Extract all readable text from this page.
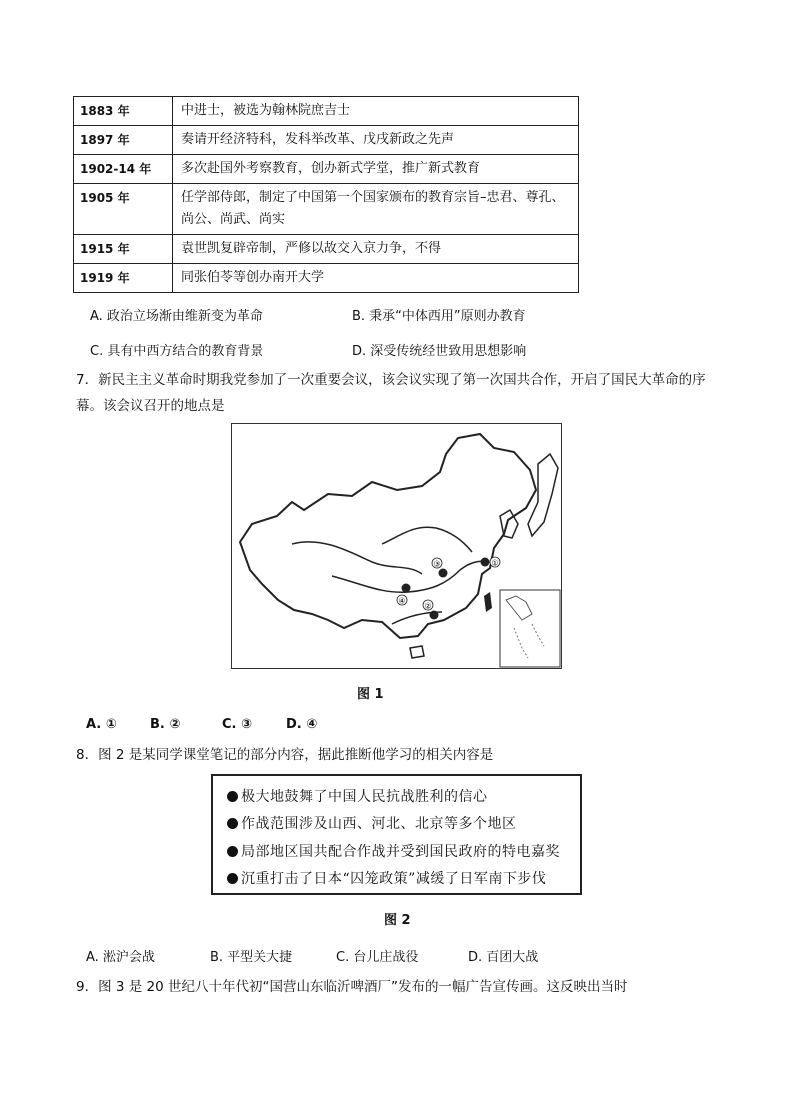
1883 年	中进士，被选为翰林院庶吉士
1897 年	奏请开经济特科，发科举改革、戊戌新政之先声
1902-14 年	多次赴国外考察教育，创办新式学堂，推广新式教育
1905 年	任学部侍郎，制定了中国第一个国家颁布的教育宗旨–忠君、尊孔、尚公、尚武、尚实
1915 年	袁世凯复辟帝制，严修以故交入京力争，不得
1919 年	同张伯苓等创办南开大学
A. 政治立场渐由维新变为革命	B. 秉承“中体西用”原则办教育
C. 具有中西方结合的教育背景	D. 深受传统经世致用思想影响
7．新民主主义革命时期我党参加了一次重要会议，该会议实现了第一次国共合作，开启了国民大革命的序
幕。该会议召开的地点是
①
③
④
②
图 1
A. ①	B. ②	C. ③	D. ④
8．图 2 是某同学课堂笔记的部分内容，据此推断他学习的相关内容是
极大地鼓舞了中国人民抗战胜利的信心
作战范围涉及山西、河北、北京等多个地区
局部地区国共配合作战并受到国民政府的特电嘉奖
沉重打击了日本“囚笼政策”减缓了日军南下步伐
图 2
A. 淞沪会战	B. 平型关大捷	C. 台儿庄战役	D. 百团大战
9．图 3 是 20 世纪八十年代初“国营山东临沂啤酒厂”发布的一幅广告宣传画。这反映出当时
